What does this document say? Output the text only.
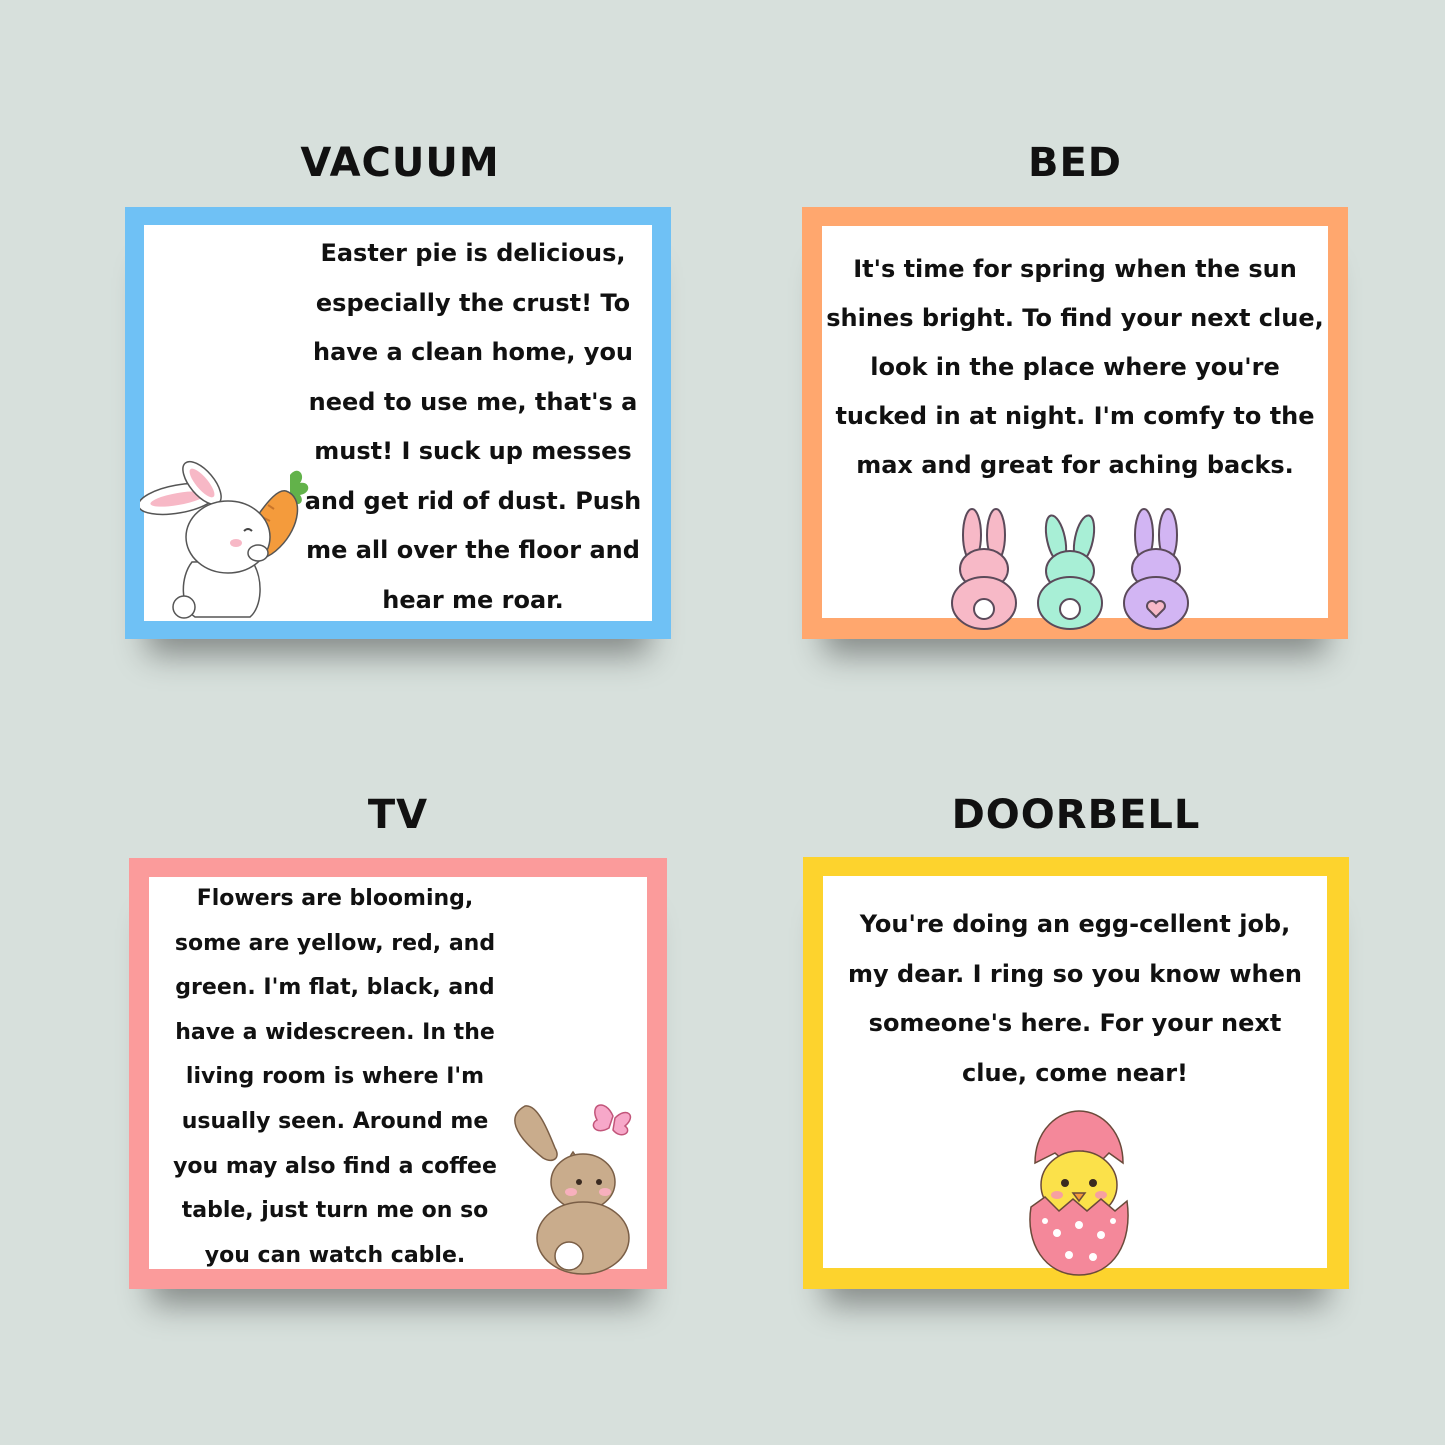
VACUUM

Easter pie is delicious, especially the crust! To have a clean home, you need to use me, that's a must! I suck up messes and get rid of dust. Push me all over the floor and hear me roar.

BED

It's time for spring when the sun shines bright. To find your next clue, look in the place where you're tucked in at night. I'm comfy to the max and great for aching backs.

TV

Flowers are blooming, some are yellow, red, and green. I'm flat, black, and have a widescreen. In the living room is where I'm usually seen. Around me you may also find a coffee table, just turn me on so you can watch cable.

DOORBELL

You're doing an egg-cellent job, my dear. I ring so you know when someone's here. For your next clue, come near!
